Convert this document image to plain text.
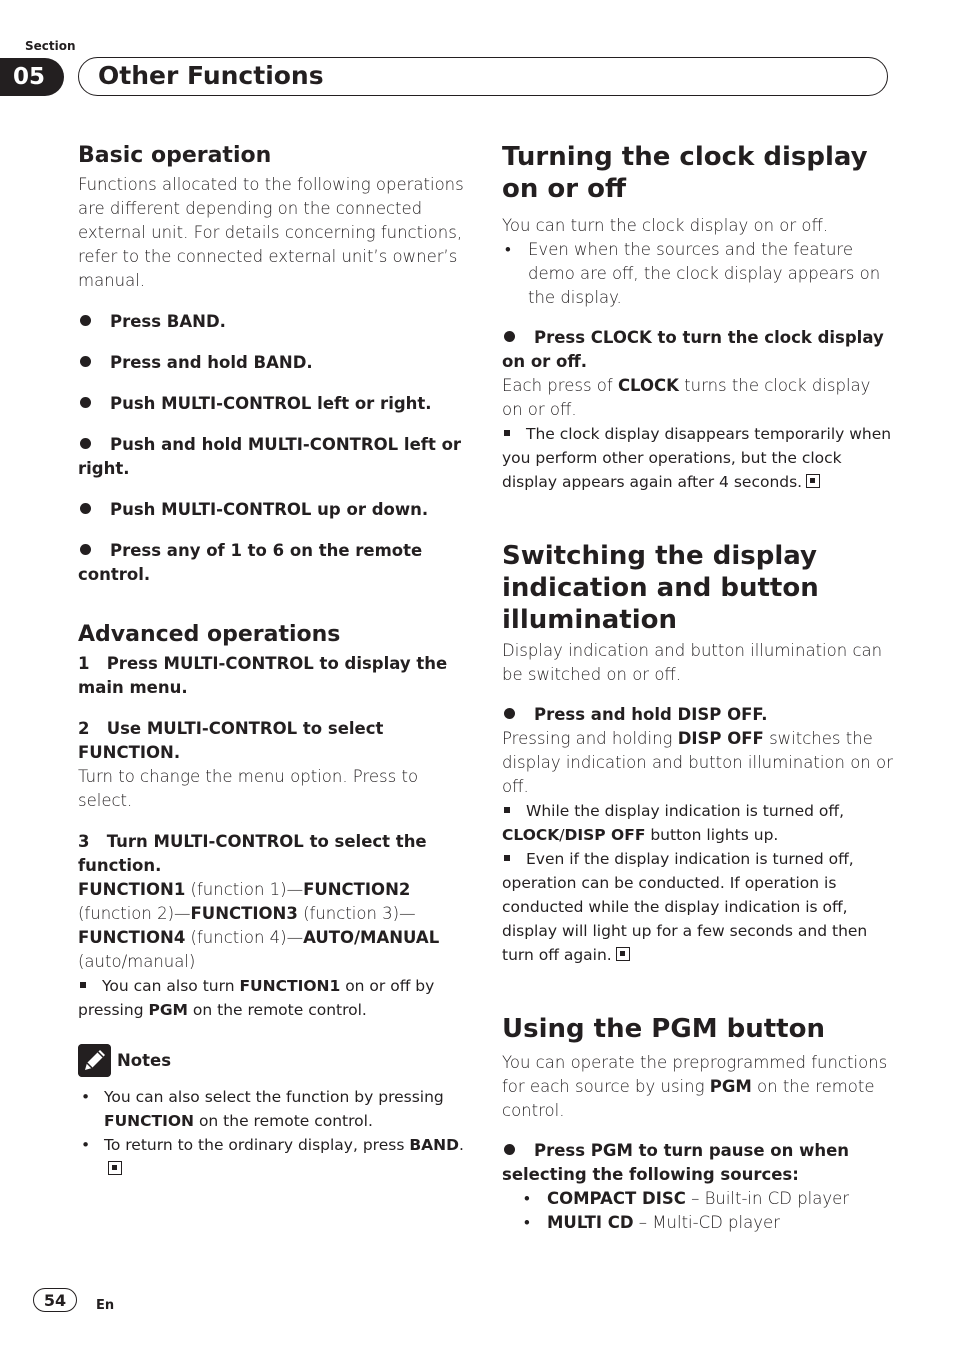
Section
05	Other Functions

Basic operation

Functions allocated to the following operations are different depending on the connected external unit. For details concerning functions, refer to the connected external unit’s owner’s manual.

Press BAND.

Press and hold BAND.

Push MULTI-CONTROL left or right.

Push and hold MULTI-CONTROL left or right.

Push MULTI-CONTROL up or down.

Press any of 1 to 6 on the remote control.

Advanced operations

1   Press MULTI-CONTROL to display the main menu.

2   Use MULTI-CONTROL to select FUNCTION.

Turn to change the menu option. Press to select.

3   Turn MULTI-CONTROL to select the function.

FUNCTION1 (function 1)—FUNCTION2 (function 2)—FUNCTION3 (function 3)—FUNCTION4 (function 4)—AUTO/MANUAL (auto/manual)

You can also turn FUNCTION1 on or off by pressing PGM on the remote control.

Notes
• You can also select the function by pressing FUNCTION on the remote control.
• To return to the ordinary display, press BAND.

Turning the clock display on or off

You can turn the clock display on or off.

• Even when the sources and the feature demo are off, the clock display appears on the display.

Press CLOCK to turn the clock display on or off.

Each press of CLOCK turns the clock display on or off.

The clock display disappears temporarily when you perform other operations, but the clock display appears again after 4 seconds.

Switching the display indication and button illumination

Display indication and button illumination can be switched on or off.

Press and hold DISP OFF.

Pressing and holding DISP OFF switches the display indication and button illumination on or off.

While the display indication is turned off, CLOCK/DISP OFF button lights up.

Even if the display indication is turned off, operation can be conducted. If operation is conducted while the display indication is off, display will light up for a few seconds and then turn off again.

Using the PGM button

You can operate the preprogrammed functions for each source by using PGM on the remote control.

Press PGM to turn pause on when selecting the following sources:

• COMPACT DISC – Built-in CD player
• MULTI CD – Multi-CD player
54	En
